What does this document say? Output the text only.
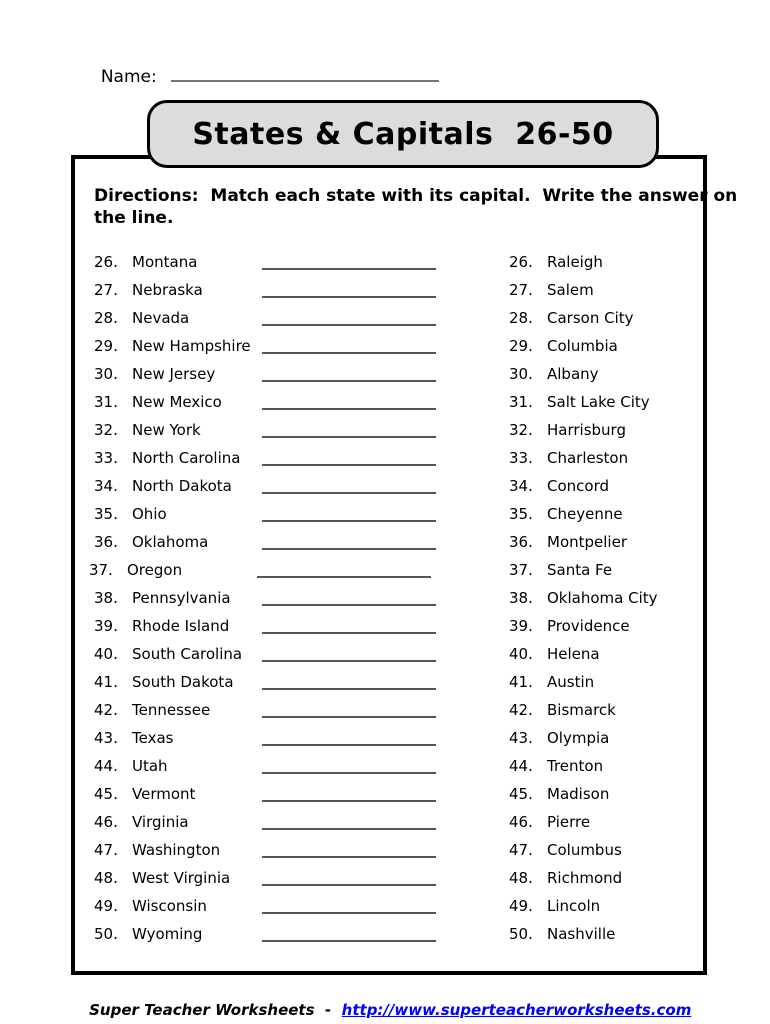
Name:

States & Capitals  26-50
Directions:  Match each state with its capital.  Write the answer on
the line.
26. Montana
27. Nebraska
28. Nevada
29. New Hampshire
30. New Jersey
31. New Mexico
32. New York
33. North Carolina
34. North Dakota
35. Ohio
36. Oklahoma
37. Oregon
38. Pennsylvania
39. Rhode Island
40. South Carolina
41. South Dakota
42. Tennessee
43. Texas
44. Utah
45. Vermont
46. Virginia
47. Washington
48. West Virginia
49. Wisconsin
50. Wyoming
26. Raleigh
27. Salem
28. Carson City
29. Columbia
30. Albany
31. Salt Lake City
32. Harrisburg
33. Charleston
34. Concord
35. Cheyenne
36. Montpelier
37. Santa Fe
38. Oklahoma City
39. Providence
40. Helena
41. Austin
42. Bismarck
43. Olympia
44. Trenton
45. Madison
46. Pierre
47. Columbus
48. Richmond
49. Lincoln
50. Nashville

Super Teacher Worksheets - http://www.superteacherworksheets.com
